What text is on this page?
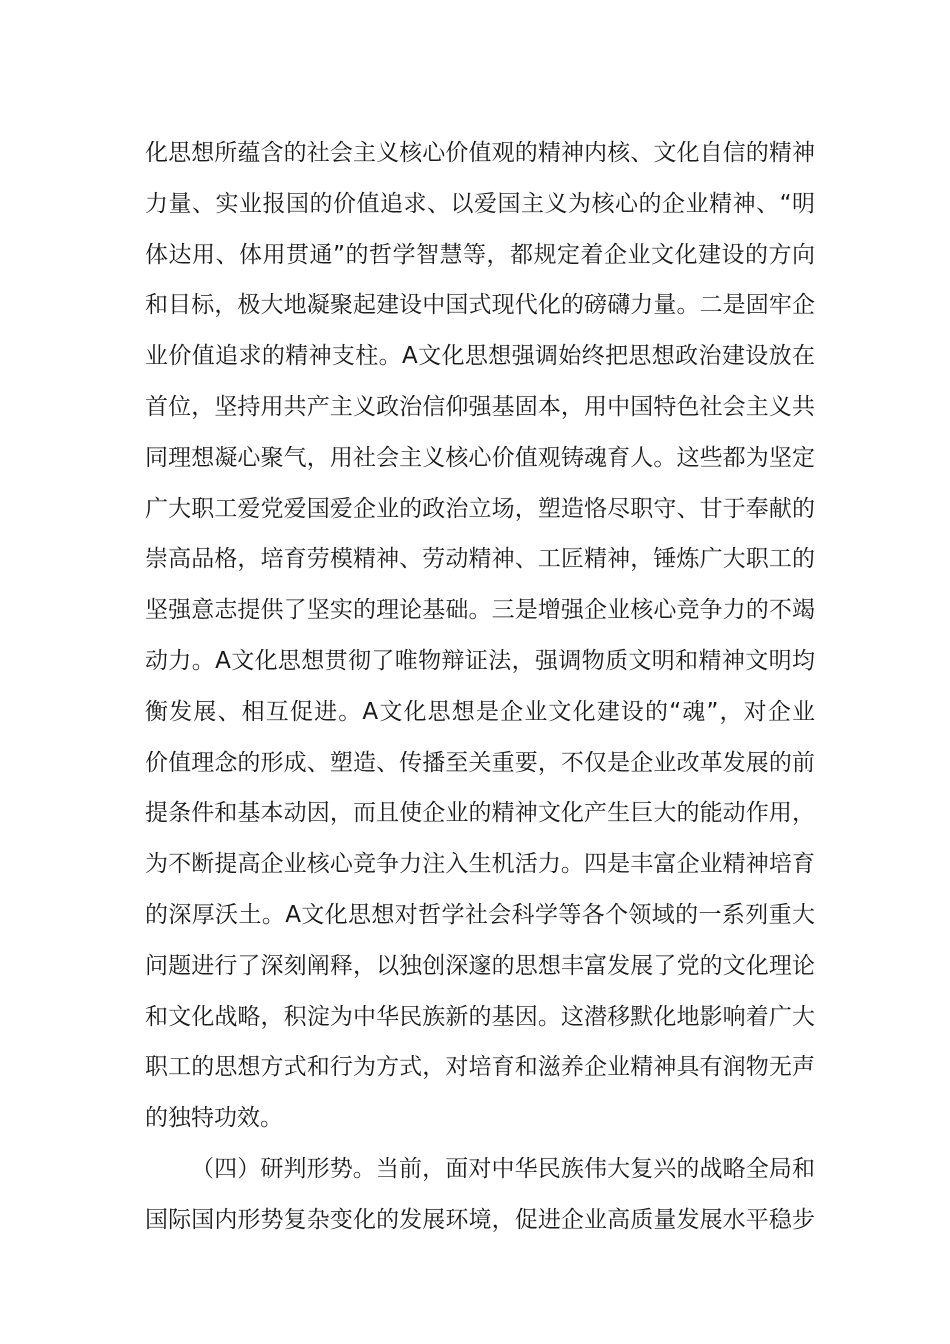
化思想所蕴含的社会主义核心价值观的精神内核、文化自信的精神
力量、实业报国的价值追求、以爱国主义为核心的企业精神、“明
体达用、体用贯通”的哲学智慧等，都规定着企业文化建设的方向
和目标，极大地凝聚起建设中国式现代化的磅礴力量。二是固牢企
业价值追求的精神支柱。A文化思想强调始终把思想政治建设放在
首位，坚持用共产主义政治信仰强基固本，用中国特色社会主义共
同理想凝心聚气，用社会主义核心价值观铸魂育人。这些都为坚定
广大职工爱党爱国爱企业的政治立场，塑造恪尽职守、甘于奉献的
崇高品格，培育劳模精神、劳动精神、工匠精神，锤炼广大职工的
坚强意志提供了坚实的理论基础。三是增强企业核心竞争力的不竭
动力。A文化思想贯彻了唯物辩证法，强调物质文明和精神文明均
衡发展、相互促进。A文化思想是企业文化建设的“魂”，对企业
价值理念的形成、塑造、传播至关重要，不仅是企业改革发展的前
提条件和基本动因，而且使企业的精神文化产生巨大的能动作用，
为不断提高企业核心竞争力注入生机活力。四是丰富企业精神培育
的深厚沃土。A文化思想对哲学社会科学等各个领域的一系列重大
问题进行了深刻阐释，以独创深邃的思想丰富发展了党的文化理论
和文化战略，积淀为中华民族新的基因。这潜移默化地影响着广大
职工的思想方式和行为方式，对培育和滋养企业精神具有润物无声
的独特功效。
（四）研判形势。当前，面对中华民族伟大复兴的战略全局和
国际国内形势复杂变化的发展环境，促进企业高质量发展水平稳步
